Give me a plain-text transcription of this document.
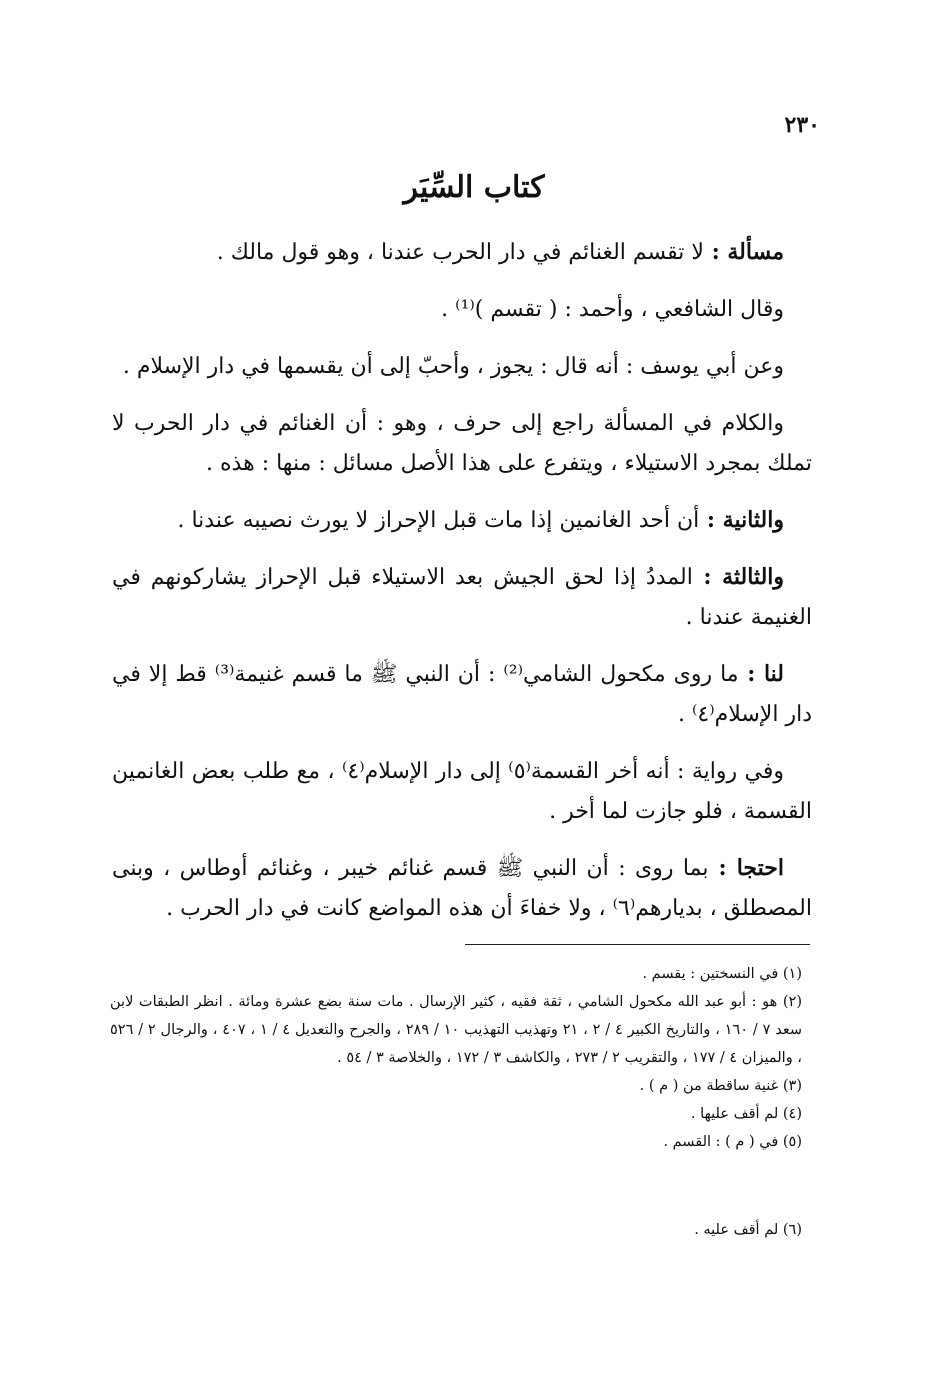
٢٣٠
كتاب السِّيَر

مسألة : لا تقسم الغنائم في دار الحرب عندنا ، وهو قول مالك .

وقال الشافعي ، وأحمد : ( تقسم )⁽¹⁾ .

وعن أبي يوسف : أنه قال : يجوز ، وأحبّ إلى أن يقسمها في دار الإسلام .

والكلام في المسألة راجع إلى حرف ، وهو : أن الغنائم في دار الحرب لا تملك بمجرد الاستيلاء ، ويتفرع على هذا الأصل مسائل : منها : هذه .

والثانية : أن أحد الغانمين إذا مات قبل الإحراز لا يورث نصيبه عندنا .

والثالثة : المددُ إذا لحق الجيش بعد الاستيلاء قبل الإحراز يشاركونهم في الغنيمة عندنا .

لنا : ما روى مكحول الشامي⁽²⁾ : أن النبي ﷺ ما قسم غنيمة⁽³⁾ قط إلا في دار الإسلام⁽٤⁾ .

وفي رواية : أنه أخر القسمة⁽٥⁾ إلى دار الإسلام⁽٤⁾ ، مع طلب بعض الغانمين القسمة ، فلو جازت لما أخر .

احتجا : بما روى : أن النبي ﷺ قسم غنائم خيبر ، وغنائم أوطاس ، وبنى المصطلق ، بديارهم⁽٦⁾ ، ولا خفاءَ أن هذه المواضع كانت في دار الحرب .

(١) في النسختين : يقسم .

(٢) هو : أبو عبد الله مكحول الشامي ، ثقة فقيه ، كثير الإرسال . مات سنة بضع عشرة ومائة . انظر الطبقات لابن سعد ٧ / ١٦٠ ، والتاريخ الكبير ٤ / ٢ ، ٢١ وتهذيب التهذيب ١٠ / ٢٨٩ ، والجرح والتعديل ٤ / ١ ، ٤٠٧ ، والرجال ٢ / ٥٢٦ ، والميزان ٤ / ١٧٧ ، والتقريب ٢ / ٢٧٣ ، والكاشف ٣ / ١٧٢ ، والخلاصة ٣ / ٥٤ .

(٣) غنية ساقطة من ( م ) .

(٤) لم أقف عليها .

(٥) في ( م ) : القسم .

(٦) لم أقف عليه .
